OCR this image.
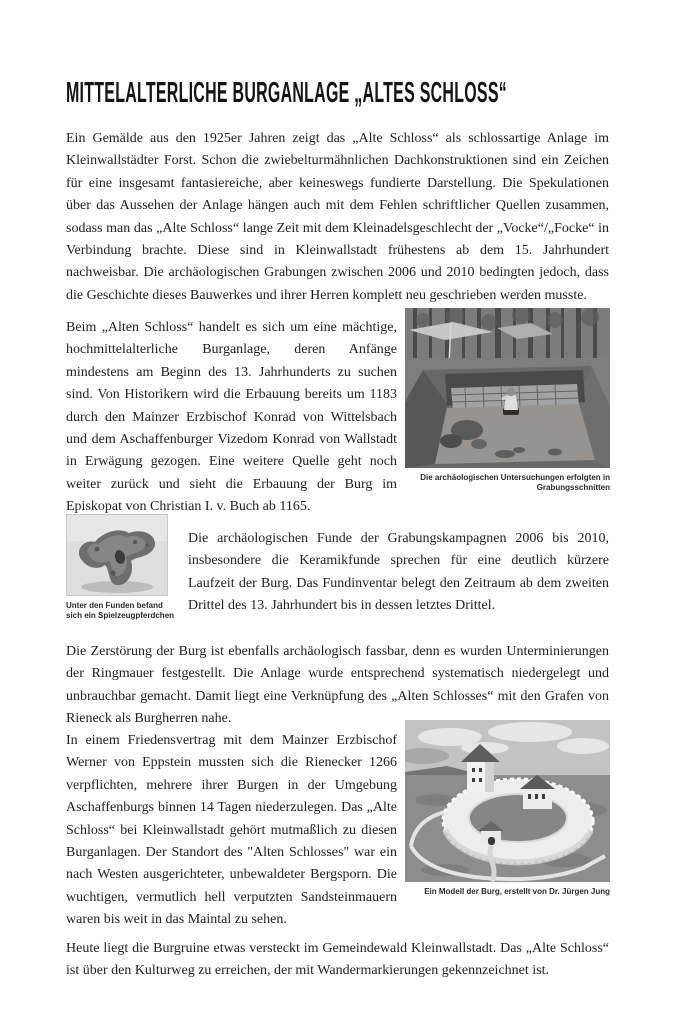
MITTELALTERLICHE BURGANLAGE „ALTES SCHLOSS“

Ein Gemälde aus den 1925er Jahren zeigt das „Alte Schloss“ als schlossartige Anlage im Kleinwallstädter Forst. Schon die zwiebelturmähnlichen Dachkonstruktionen sind ein Zeichen für eine insgesamt fantasiereiche, aber keineswegs fundierte Darstellung. Die Spekulationen über das Aussehen der Anlage hängen auch mit dem Fehlen schriftlicher Quellen zusammen, sodass man das „Alte Schloss“ lange Zeit mit dem Kleinadelsgeschlecht der „Vocke“/„Focke“ in Verbindung brachte. Diese sind in Kleinwallstadt frühestens ab dem 15. Jahrhundert nachweisbar. Die archäologischen Grabungen zwischen 2006 und 2010 bedingten jedoch, dass die Geschichte dieses Bauwerkes und ihrer Herren komplett neu geschrieben werden musste.

Beim „Alten Schloss“ handelt es sich um eine mächtige, hochmittelalterliche Burganlage, deren Anfänge mindestens am Beginn des 13. Jahrhunderts zu suchen sind. Von Historikern wird die Erbauung bereits um 1183 durch den Mainzer Erzbischof Konrad von Wittelsbach und dem Aschaffenburger Vizedom Konrad von Wallstadt in Erwägung gezogen. Eine weitere Quelle geht noch weiter zurück und sieht die Erbauung der Burg im Episkopat von Christian I. v. Buch ab 1165.

Die archäologischen Untersuchungen erfolgten in Grabungsschnitten
Unter den Funden befand sich ein Spielzeugpferdchen

Die archäologischen Funde der Grabungskampagnen 2006 bis 2010, insbesondere die Keramikfunde sprechen für eine deutlich kürzere Laufzeit der Burg. Das Fundinventar belegt den Zeitraum ab dem zweiten Drittel des 13. Jahrhundert bis in dessen letztes Drittel.

Die Zerstörung der Burg ist ebenfalls archäologisch fassbar, denn es wurden Unterminierungen der Ringmauer festgestellt. Die Anlage wurde entsprechend systematisch niedergelegt und unbrauchbar gemacht. Damit liegt eine Verknüpfung des „Alten Schlosses“ mit den Grafen von Rieneck als Burgherren nahe.

In einem Friedensvertrag mit dem Mainzer Erzbischof Werner von Eppstein mussten sich die Rienecker 1266 verpflichten, mehrere ihrer Burgen in der Umgebung Aschaffenburgs binnen 14 Tagen niederzulegen. Das „Alte Schloss“ bei Kleinwallstadt gehört mutmaßlich zu diesen Burganlagen. Der Standort des "Alten Schlosses" war ein nach Westen ausgerichteter, unbewaldeter Bergsporn. Die wuchtigen, vermutlich hell verputzten Sandsteinmauern waren bis weit in das Maintal zu sehen.

Ein Modell der Burg, erstellt von Dr. Jürgen Jung

Heute liegt die Burgruine etwas versteckt im Gemeindewald Kleinwallstadt. Das „Alte Schloss“ ist über den Kulturweg zu erreichen, der mit Wandermarkierungen gekennzeichnet ist.
